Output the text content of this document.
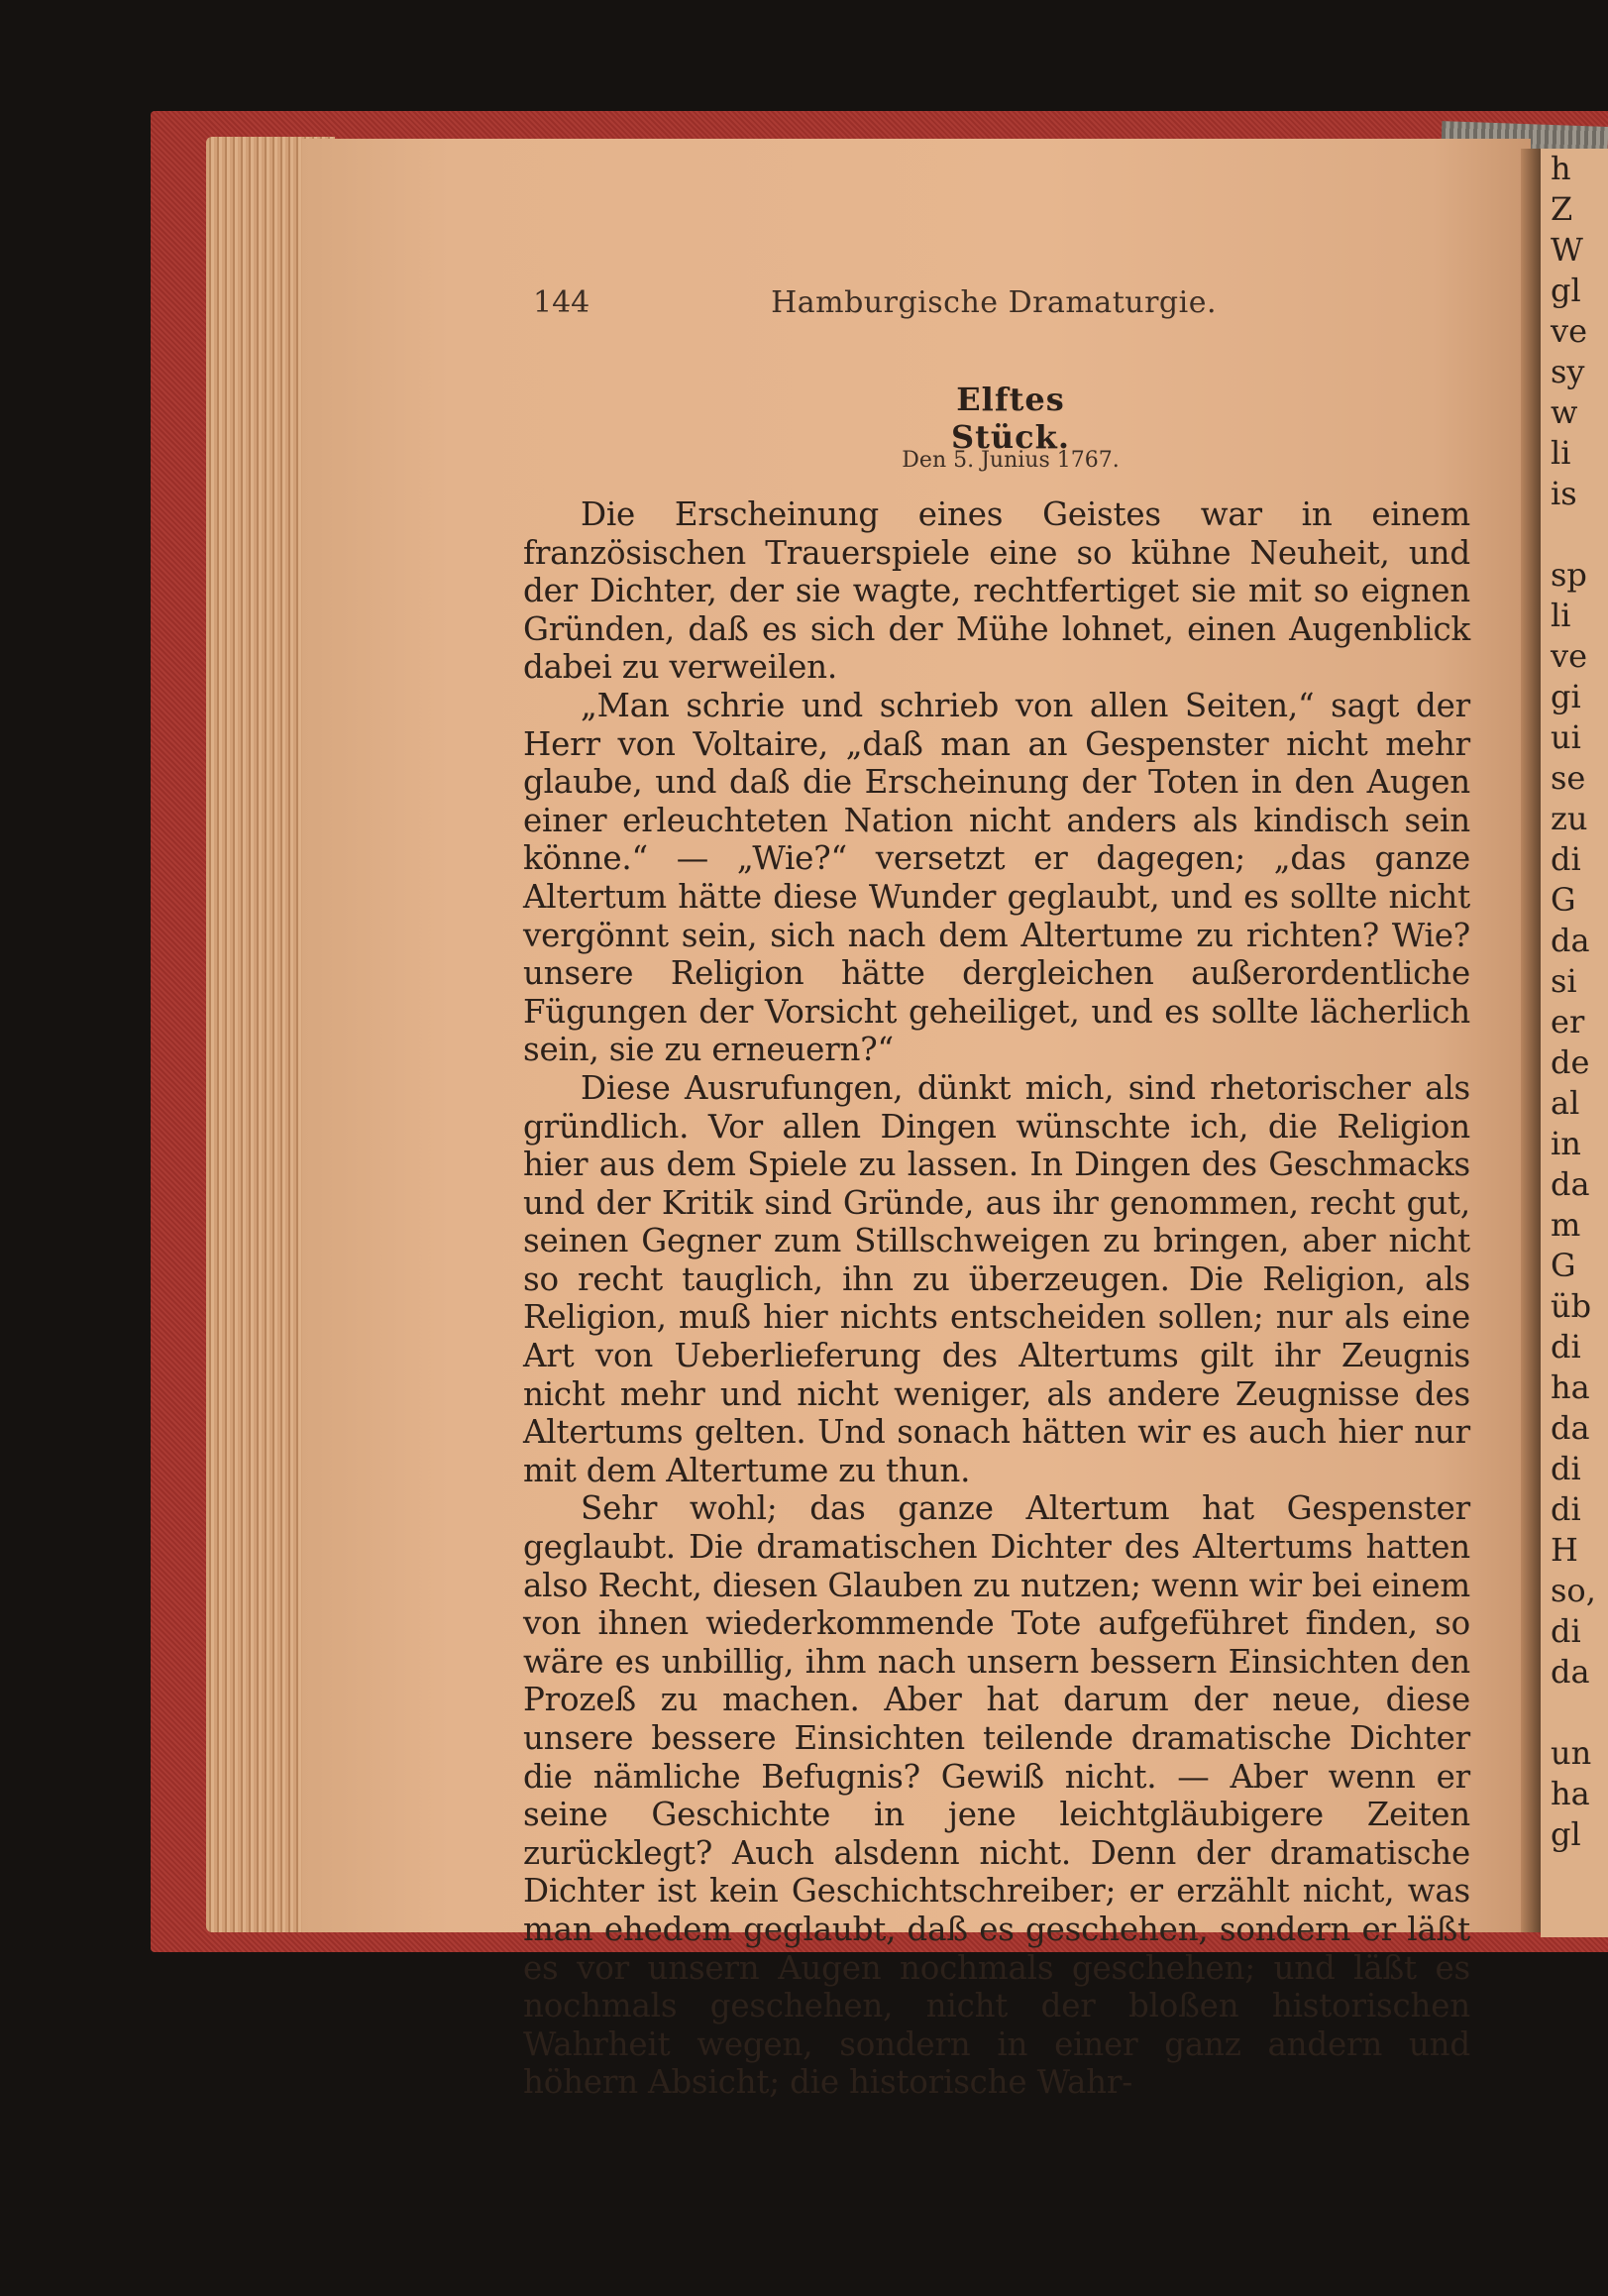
h
Z
W
gl
ve
sy
w
li
is
sp
li
ve
gi
ui
se
zu
di
G
da
si
er
de
al
in
da
m
G
üb
di
ha
da
di
di
H
so,
di
da
un
ha
gl
144	Hamburgische Dramaturgie.
Elftes Stück.
Den 5. Junius 1767.

Die Erscheinung eines Geistes war in einem französischen Trauerspiele eine so kühne Neuheit, und der Dichter, der sie wagte, rechtfertiget sie mit so eignen Gründen, daß es sich der Mühe lohnet, einen Augenblick dabei zu verweilen.

„Man schrie und schrieb von allen Seiten,“ sagt der Herr von Voltaire, „daß man an Gespenster nicht mehr glaube, und daß die Erscheinung der Toten in den Augen einer erleuchteten Nation nicht anders als kindisch sein könne.“ — „Wie?“ versetzt er dagegen; „das ganze Altertum hätte diese Wunder geglaubt, und es sollte nicht vergönnt sein, sich nach dem Altertume zu richten? Wie? unsere Religion hätte dergleichen außerordentliche Fügungen der Vorsicht geheiliget, und es sollte lächerlich sein, sie zu erneuern?“

Diese Ausrufungen, dünkt mich, sind rhetorischer als gründlich. Vor allen Dingen wünschte ich, die Religion hier aus dem Spiele zu lassen. In Dingen des Geschmacks und der Kritik sind Gründe, aus ihr genommen, recht gut, seinen Gegner zum Stillschweigen zu bringen, aber nicht so recht tauglich, ihn zu überzeugen. Die Religion, als Religion, muß hier nichts entscheiden sollen; nur als eine Art von Ueberlieferung des Altertums gilt ihr Zeugnis nicht mehr und nicht weniger, als andere Zeugnisse des Altertums gelten. Und sonach hätten wir es auch hier nur mit dem Altertume zu thun.

Sehr wohl; das ganze Altertum hat Gespenster geglaubt. Die dramatischen Dichter des Altertums hatten also Recht, diesen Glauben zu nutzen; wenn wir bei einem von ihnen wiederkommende Tote aufgeführet finden, so wäre es unbillig, ihm nach unsern bessern Einsichten den Prozeß zu machen. Aber hat darum der neue, diese unsere bessere Einsichten teilende dramatische Dichter die nämliche Befugnis? Gewiß nicht. — Aber wenn er seine Geschichte in jene leichtgläubigere Zeiten zurücklegt? Auch alsdenn nicht. Denn der dramatische Dichter ist kein Geschichtschreiber; er erzählt nicht, was man ehedem geglaubt, daß es geschehen, sondern er läßt es vor unsern Augen nochmals geschehen; und läßt es nochmals geschehen, nicht der bloßen historischen Wahrheit wegen, sondern in einer ganz andern und höhern Absicht; die historische Wahr-
